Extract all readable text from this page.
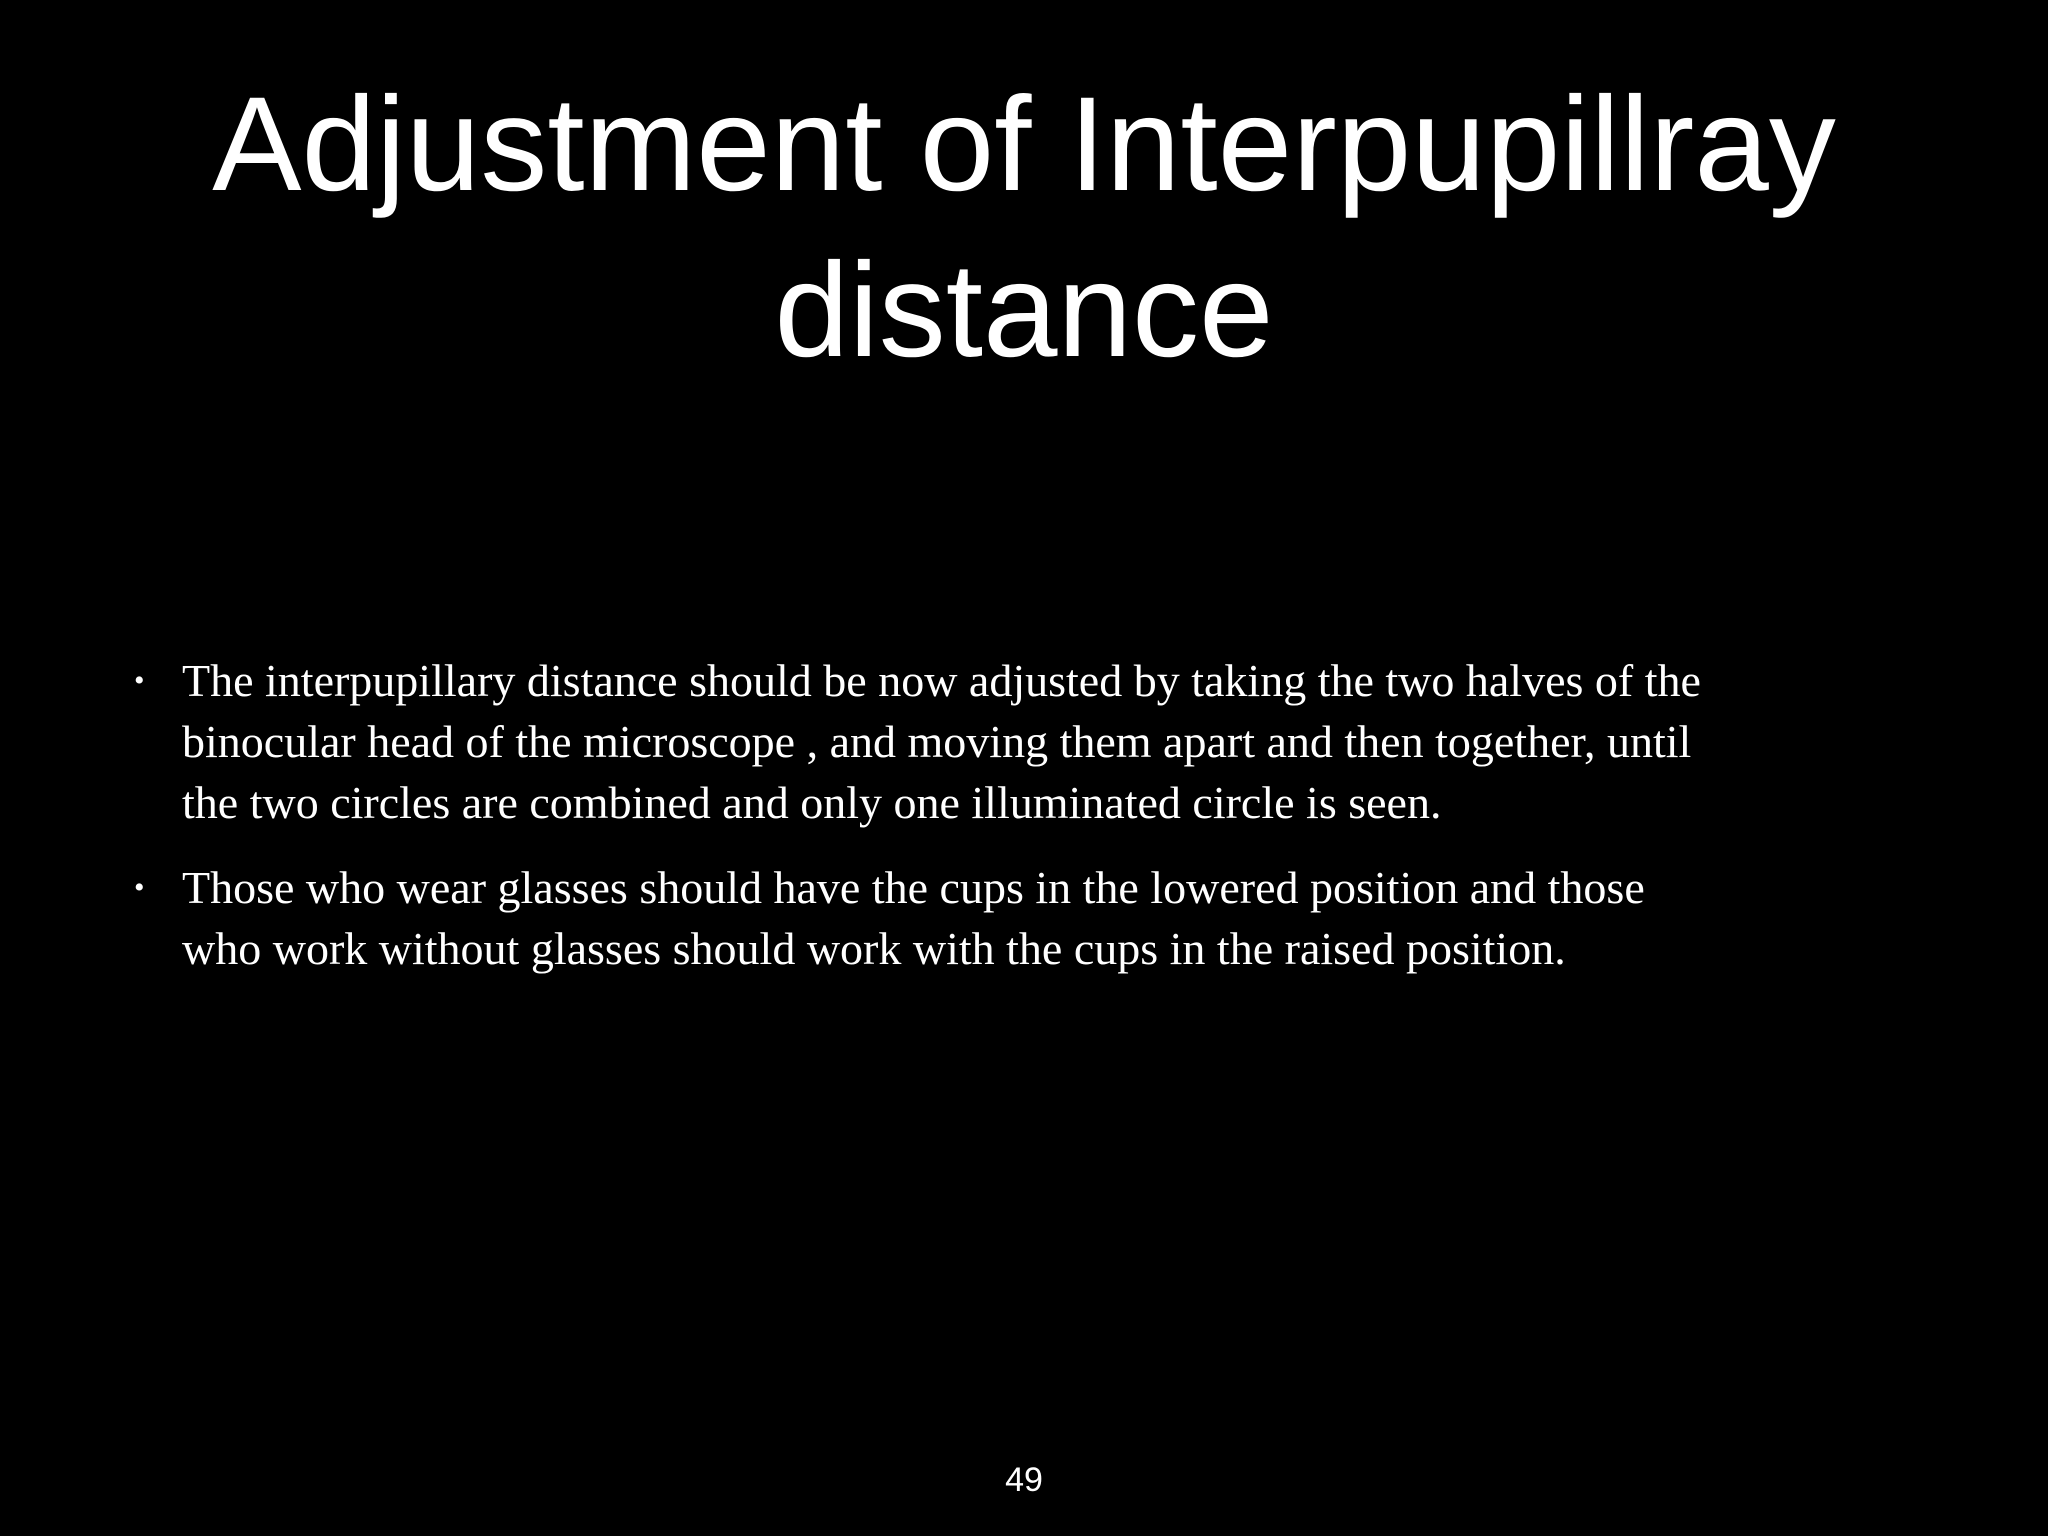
Adjustment of Interpupillray
distance
• The interpupillary distance should be now adjusted by taking the two halves of the
binocular head of the microscope , and moving them apart and then together, until
the two circles are combined and only one illuminated circle is seen.
• Those who wear glasses should have the cups in the lowered position and those
who work without glasses should work with the cups in the raised position.
49
